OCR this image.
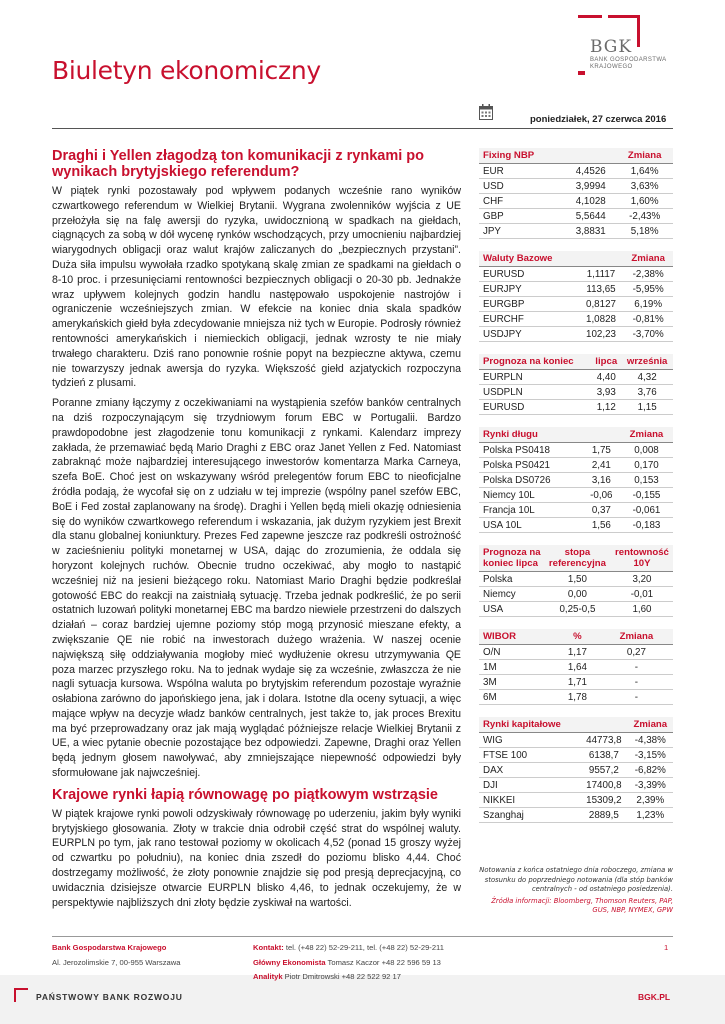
Biuletyn ekonomiczny
BGK
BANK GOSPODARSTWA
KRAJOWEGO
poniedziałek, 27 czerwca 2016
Draghi i Yellen złagodzą ton komunikacji z rynkami po wynikach brytyjskiego referendum?

W piątek rynki pozostawały pod wpływem podanych wcześnie rano wyników czwartkowego referendum w Wielkiej Brytanii. Wygrana zwolenników wyjścia z UE przełożyła się na falę awersji do ryzyka, uwidocznioną w spadkach na giełdach, ciągnących za sobą w dół wycenę rynków wschodzących, przy umocnieniu najbardziej wiarygodnych obligacji oraz walut krajów zaliczanych do „bezpiecznych przystani”. Duża siła impulsu wywołała rzadko spotykaną skalę zmian ze spadkami na giełdach o 8-10 proc. i przesunięciami rentowności bezpiecznych obligacji o 20-30 pb. Jednakże wraz upływem kolejnych godzin handlu następowało uspokojenie nastrojów i ograniczenie wcześniejszych zmian. W efekcie na koniec dnia skala spadków amerykańskich giełd była zdecydowanie mniejsza niż tych w Europie. Podrosły również rentowności amerykańskich i niemieckich obligacji, jednak wzrosty te nie miały trwałego charakteru. Dziś rano ponownie rośnie popyt na bezpieczne aktywa, czemu nie towarzyszy jednak awersja do ryzyka. Większość giełd azjatyckich rozpoczyna tydzień z plusami.

Poranne zmiany łączymy z oczekiwaniami na wystąpienia szefów banków centralnych na dziś rozpoczynającym się trzydniowym forum EBC w Portugalii. Bardzo prawdopodobne jest złagodzenie tonu komunikacji z rynkami. Kalendarz imprezy zakłada, że przemawiać będą Mario Draghi z EBC oraz Janet Yellen z Fed. Natomiast zabraknąć może najbardziej interesującego inwestorów komentarza Marka Carneya, szefa BoE. Choć jest on wskazywany wśród prelegentów forum EBC to nieoficjalne źródła podają, że wycofał się on z udziału w tej imprezie (wspólny panel szefów EBC, BoE i Fed został zaplanowany na środę). Draghi i Yellen będą mieli okazję odniesienia się do wyników czwartkowego referendum i wskazania, jak dużym ryzykiem jest Brexit dla stanu globalnej koniunktury. Prezes Fed zapewne jeszcze raz podkreśli ostrożność w zacieśnieniu polityki monetarnej w USA, dając do zrozumienia, że oddala się horyzont kolejnych ruchów. Obecnie trudno oczekiwać, aby mogło to nastąpić wcześniej niż na jesieni bieżącego roku. Natomiast Mario Draghi będzie podkreślał gotowość EBC do reakcji na zaistniałą sytuację. Trzeba jednak podkreślić, że po serii ostatnich luzowań polityki monetarnej EBC ma bardzo niewiele przestrzeni do dalszych działań – coraz bardziej ujemne poziomy stóp mogą przynosić mieszane efekty, a zwiększanie QE nie robić na inwestorach dużego wrażenia. W naszej ocenie największą siłę oddziaływania mogłoby mieć wydłużenie okresu utrzymywania QE poza marzec przyszłego roku. Na to jednak wydaje się za wcześnie, zwłaszcza że nie nagli sytuacja kursowa. Wspólna waluta po brytyjskim referendum pozostaje wyraźnie osłabiona zarówno do japońskiego jena, jak i dolara. Istotne dla oceny sytuacji, a więc mające wpływ na decyzje władz banków centralnych, jest także to, jak proces Brexitu ma być przeprowadzany oraz jak mają wyglądać późniejsze relacje Wielkiej Brytanii z UE, a wiec pytanie obecnie pozostające bez odpowiedzi. Zapewne, Draghi oraz Yellen będą jednym głosem nawoływać, aby zmniejszające niepewność odpowiedzi były sformułowane jak najwcześniej.

Krajowe rynki łapią równowagę po piątkowym wstrząsie

W piątek krajowe rynki powoli odzyskiwały równowagę po uderzeniu, jakim były wyniki brytyjskiego głosowania. Złoty w trakcie dnia odrobił część strat do wspólnej waluty. EURPLN po tym, jak rano testował poziomy w okolicach 4,52 (ponad 15 groszy wyżej od czwartku po południu), na koniec dnia zszedł do poziomu blisko 4,44. Choć dostrzegamy możliwość, że złoty ponownie znajdzie się pod presją deprecjacyjną, co uwidacznia dzisiejsze otwarcie EURPLN blisko 4,46, to jednak oczekujemy, że w perspektywie najbliższych dni złoty będzie zyskiwał na wartości.

Fixing NBP		Zmiana
EUR	4,4526	1,64%
USD	3,9994	3,63%
CHF	4,1028	1,60%
GBP	5,5644	-2,43%
JPY	3,8831	5,18%
Waluty Bazowe		Zmiana
EURUSD	1,1117	-2,38%
EURJPY	113,65	-5,95%
EURGBP	0,8127	6,19%
EURCHF	1,0828	-0,81%
USDJPY	102,23	-3,70%
Prognoza na koniec	lipca	września
EURPLN	4,40	4,32
USDPLN	3,93	3,76
EURUSD	1,12	1,15
Rynki długu		Zmiana
Polska PS0418	1,75	0,008
Polska PS0421	2,41	0,170
Polska DS0726	3,16	0,153
Niemcy 10L	-0,06	-0,155
Francja 10L	0,37	-0,061
USA 10L	1,56	-0,183
Prognoza na koniec lipca	stopa referencyjna	rentowność 10Y
Polska	1,50	3,20
Niemcy	0,00	-0,01
USA	0,25-0,5	1,60
WIBOR	%	Zmiana
O/N	1,17	0,27
1M	1,64	-
3M	1,71	-
6M	1,78	-
Rynki kapitałowe		Zmiana
WIG	44773,8	-4,38%
FTSE 100	6138,7	-3,15%
DAX	9557,2	-6,82%
DJI	17400,8	-3,39%
NIKKEI	15309,2	2,39%
Szanghaj	2889,5	1,23%
Notowania z końca ostatniego dnia roboczego, zmiana w stosunku do poprzedniego notowania (dla stóp banków centralnych - od ostatniego posiedzenia).
Źródła informacji: Bloomberg, Thomson Reuters, PAP, GUS, NBP, NYMEX, GPW
Bank Gospodarstwa Krajowego
Al. Jerozolimskie 7, 00-955 Warszawa
Kontakt: tel. (+48 22) 52-29-211, tel. (+48 22) 52-29-211
Główny Ekonomista Tomasz Kaczor +48 22 596 59 13
Analityk Piotr Dmitrowski +48 22 522 92 17
1
PAŃSTWOWY BANK ROZWOJU	BGK.PL
